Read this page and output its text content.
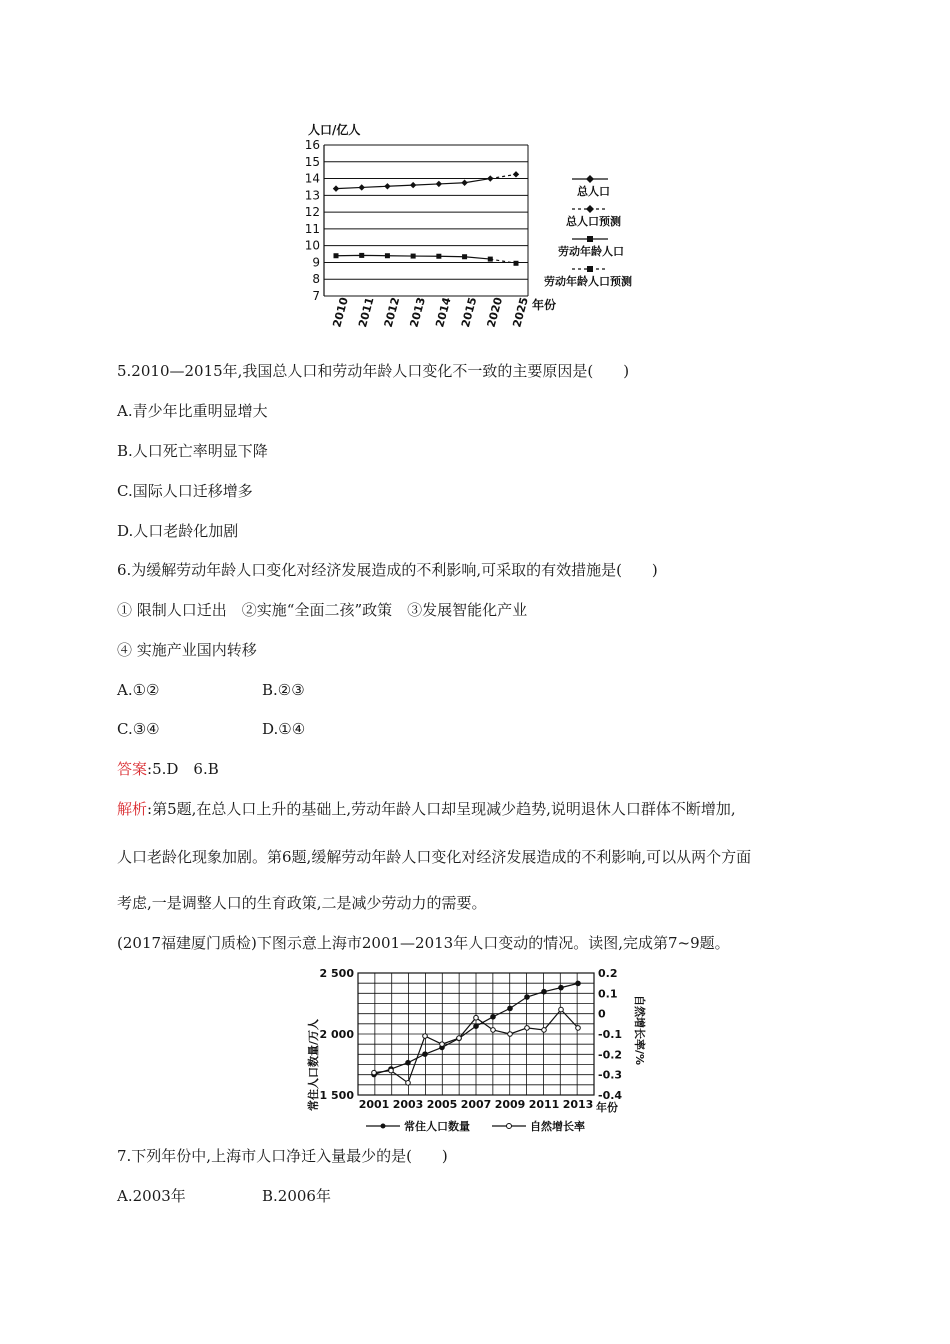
人口/亿人
16
15
14
13
12
11
10
9
8
7 2010 2011 2012 2013 2014 2015 2020 2025 年份
总人口
总人口预测
劳动年龄人口
劳动年龄人口预测
5.2010—2015年,我国总人口和劳动年龄人口变化不一致的主要原因是(　　)
A.青少年比重明显增大
B.人口死亡率明显下降
C.国际人口迁移增多
D.人口老龄化加剧
6.为缓解劳动年龄人口变化对经济发展造成的不利影响,可采取的有效措施是(　　)
① 限制人口迁出　②实施“全面二孩”政策　③发展智能化产业
④ 实施产业国内转移
A.①②	B.②③
C.③④	D.①④
答案:5.D　6.B
解析:第5题,在总人口上升的基础上,劳动年龄人口却呈现减少趋势,说明退休人口群体不断增加,
人口老龄化现象加剧。第6题,缓解劳动年龄人口变化对经济发展造成的不利影响,可以从两个方面
考虑,一是调整人口的生育政策,二是减少劳动力的需要。
(2017福建厦门质检)下图示意上海市2001—2013年人口变动的情况。读图,完成第7~9题。
2 500
2 000
1 500
0.2
0.1
0
-0.1
-0.2
-0.3
-0.4
2001 2003 2005 2007 2009 2011 2013
常住人口数量/万人	自然增长率/%
年份
常住人口数量	自然增长率
7.下列年份中,上海市人口净迁入量最少的是(　　)
A.2003年	B.2006年
